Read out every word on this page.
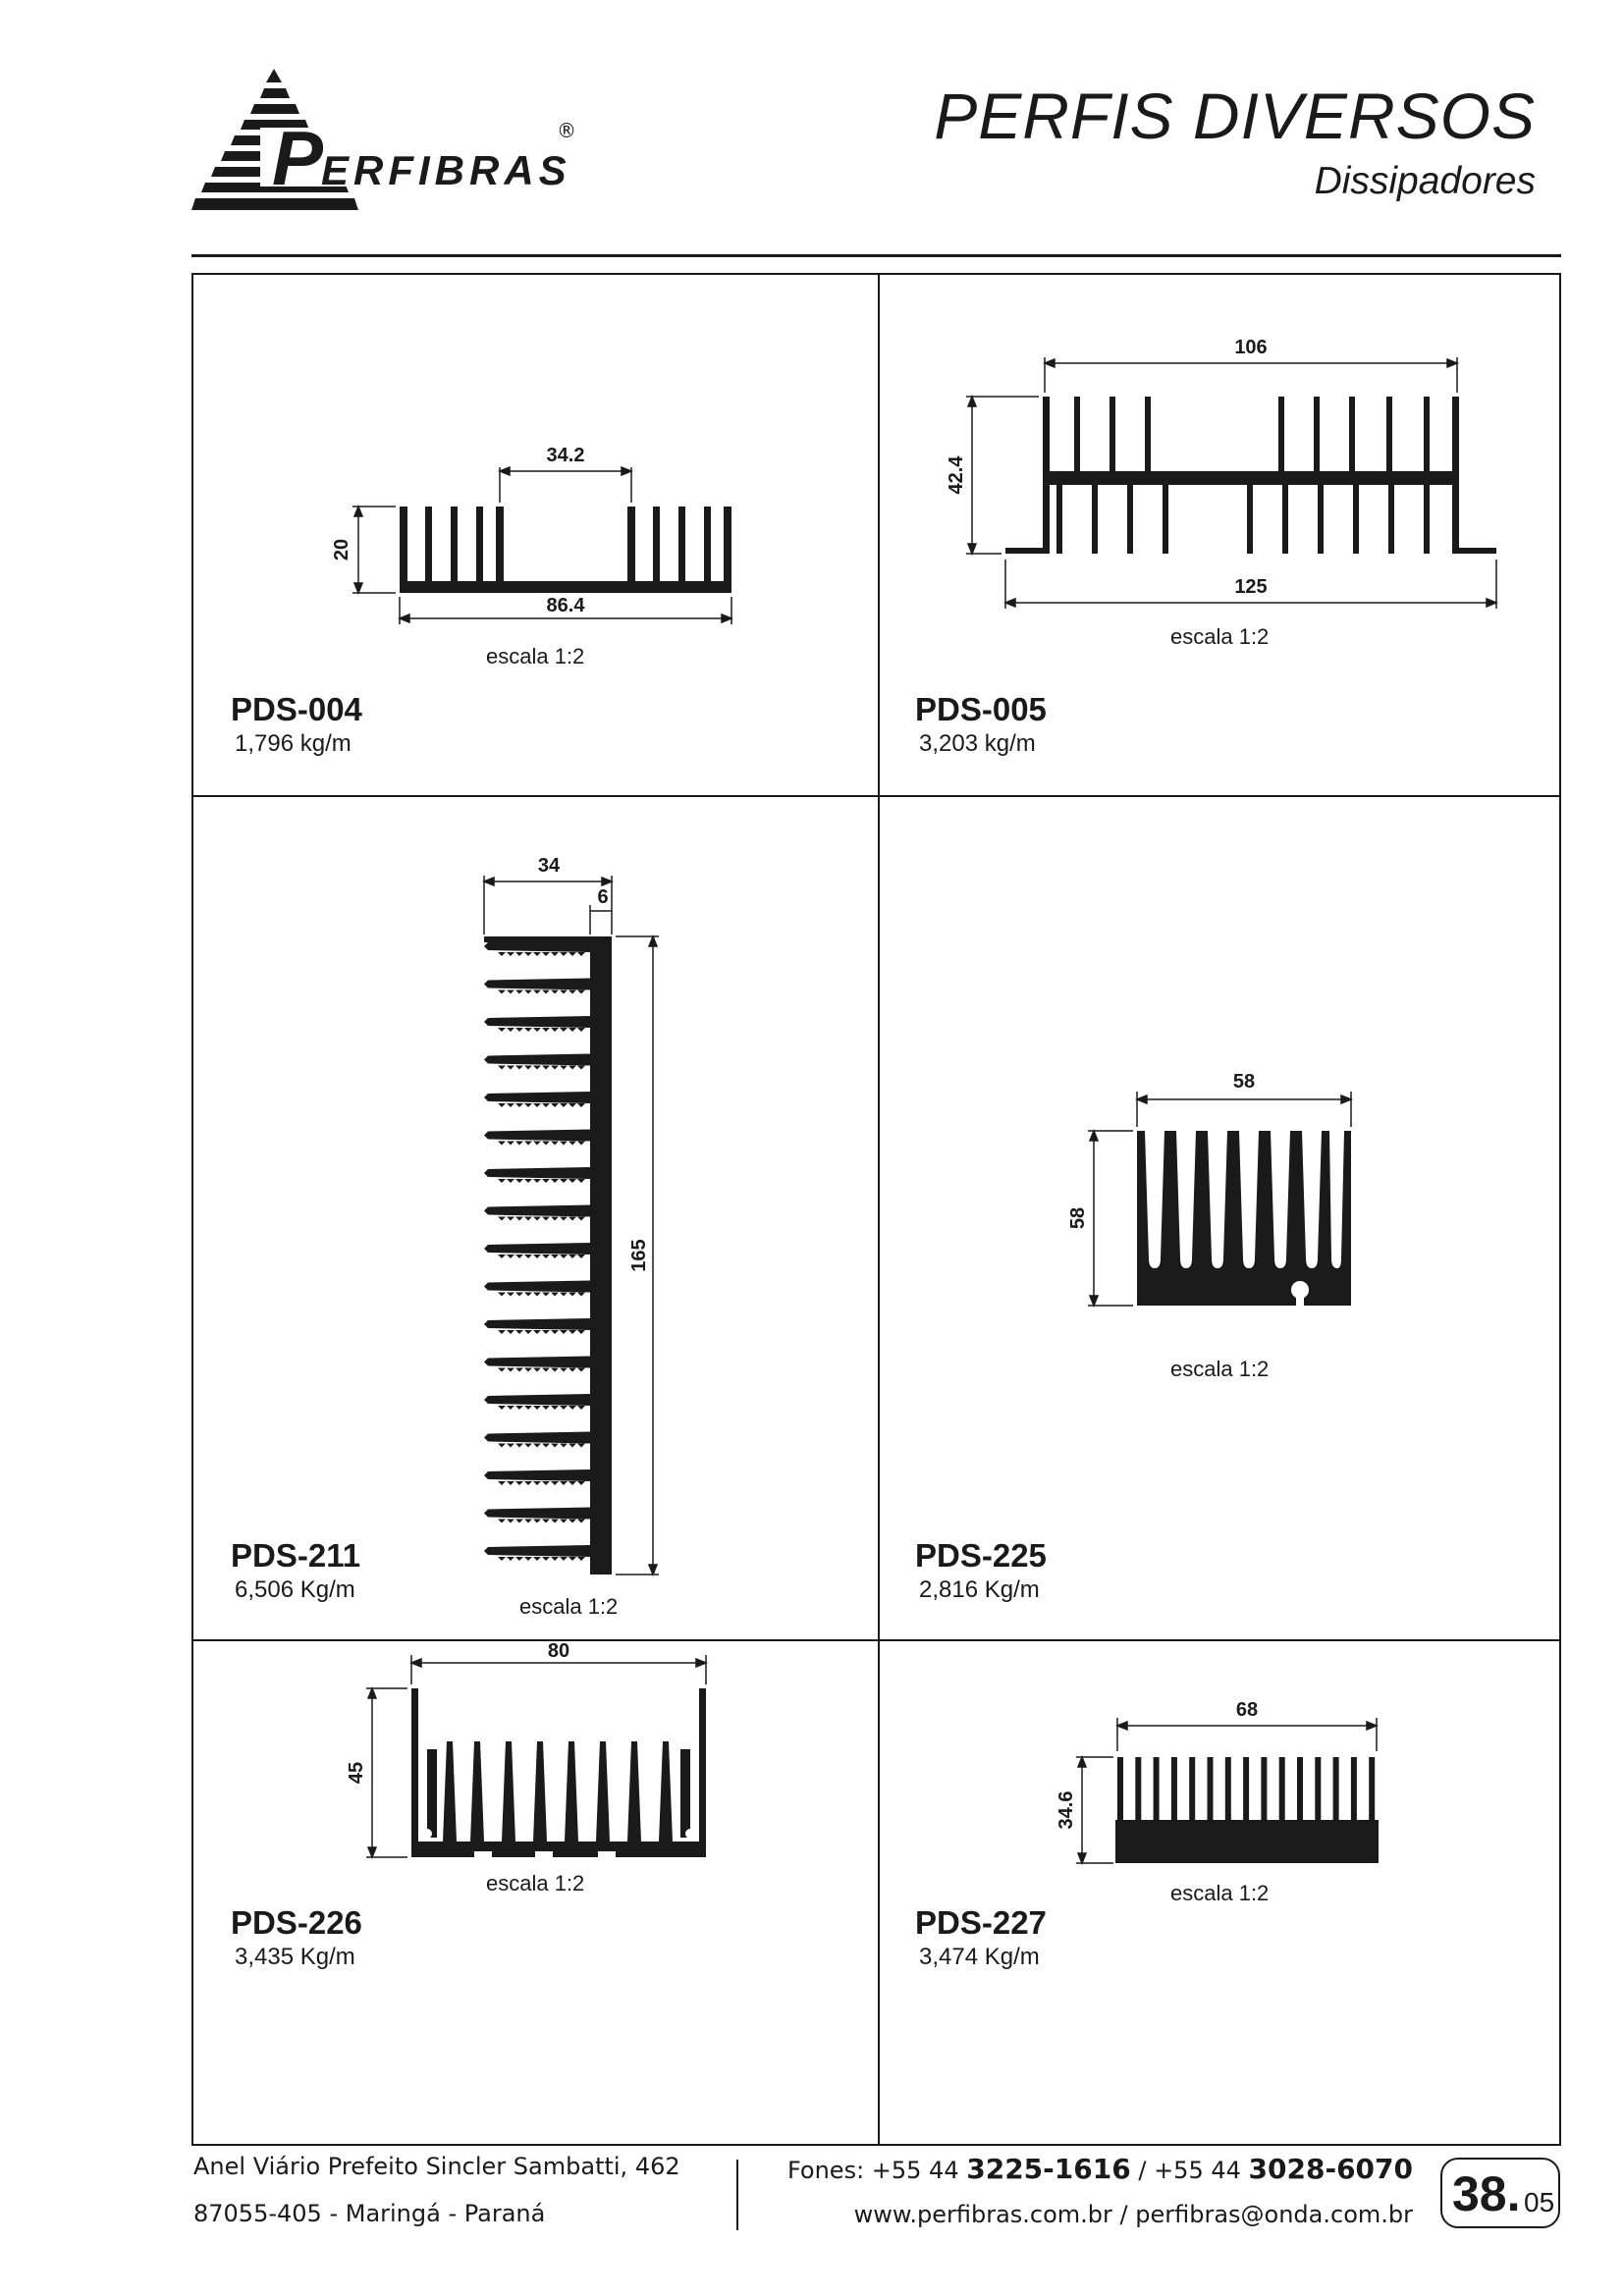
P
ERFIBRAS
®	PERFIS DIVERSOS
Dissipadores
34.2
20
86.4
escala 1:2
PDS-004
1,796 kg/m
106
42.4
125
escala 1:2
PDS-005
3,203 kg/m
34
6
165
PDS-211
6,506 Kg/m
escala 1:2
58
58
escala 1:2
PDS-225
2,816 Kg/m
80
45
escala 1:2
PDS-226
3,435 Kg/m
68
34.6
escala 1:2
PDS-227
3,474 Kg/m
Anel Viário Prefeito Sincler Sambatti, 462
87055-405 - Maringá - Paraná
Fones: +55 44 3225-1616 / +55 44 3028-6070
www.perfibras.com.br / perfibras@onda.com.br 38. 05
